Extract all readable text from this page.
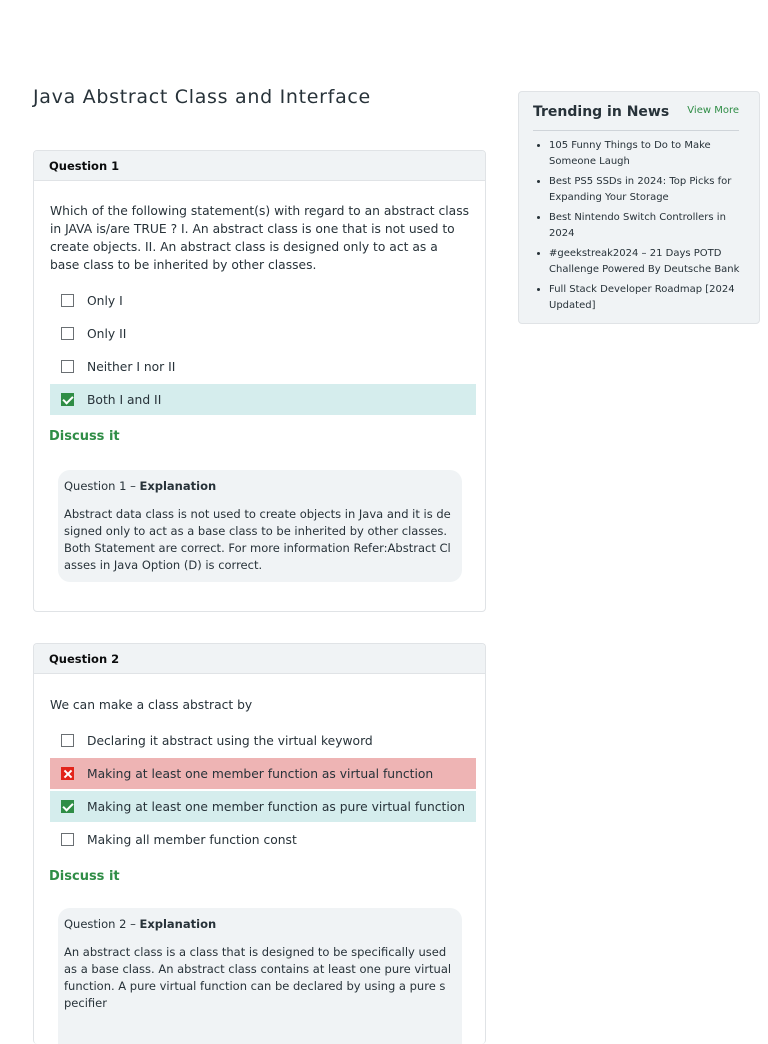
Java Abstract Class and Interface
Question 1

Which of the following statement(s) with regard to an abstract class in JAVA is/are TRUE ? I. An abstract class is one that is not used to create objects. II. An abstract class is designed only to act as a base class to be inherited by other classes.

Only I
Only II
Neither I nor II
Both I and II
Discuss it
Question 1 – Explanation
Abstract data class is not used to create objects in Java and it is designed only to act as a base class to be inherited by other classes. Both Statement are correct. For more information Refer:Abstract Classes in Java Option (D) is correct.
Question 2

We can make a class abstract by

Declaring it abstract using the virtual keyword
Making at least one member function as virtual function
Making at least one member function as pure virtual function
Making all member function const
Discuss it
Question 2 – Explanation
An abstract class is a class that is designed to be specifically used as a base class. An abstract class contains at least one pure virtual function. A pure virtual function can be declared by using a pure specifier
Trending in News View More
• 105 Funny Things to Do to Make Someone Laugh
• Best PS5 SSDs in 2024: Top Picks for Expanding Your Storage
• Best Nintendo Switch Controllers in 2024
• #geekstreak2024 – 21 Days POTD Challenge Powered By Deutsche Bank
• Full Stack Developer Roadmap [2024 Updated]
